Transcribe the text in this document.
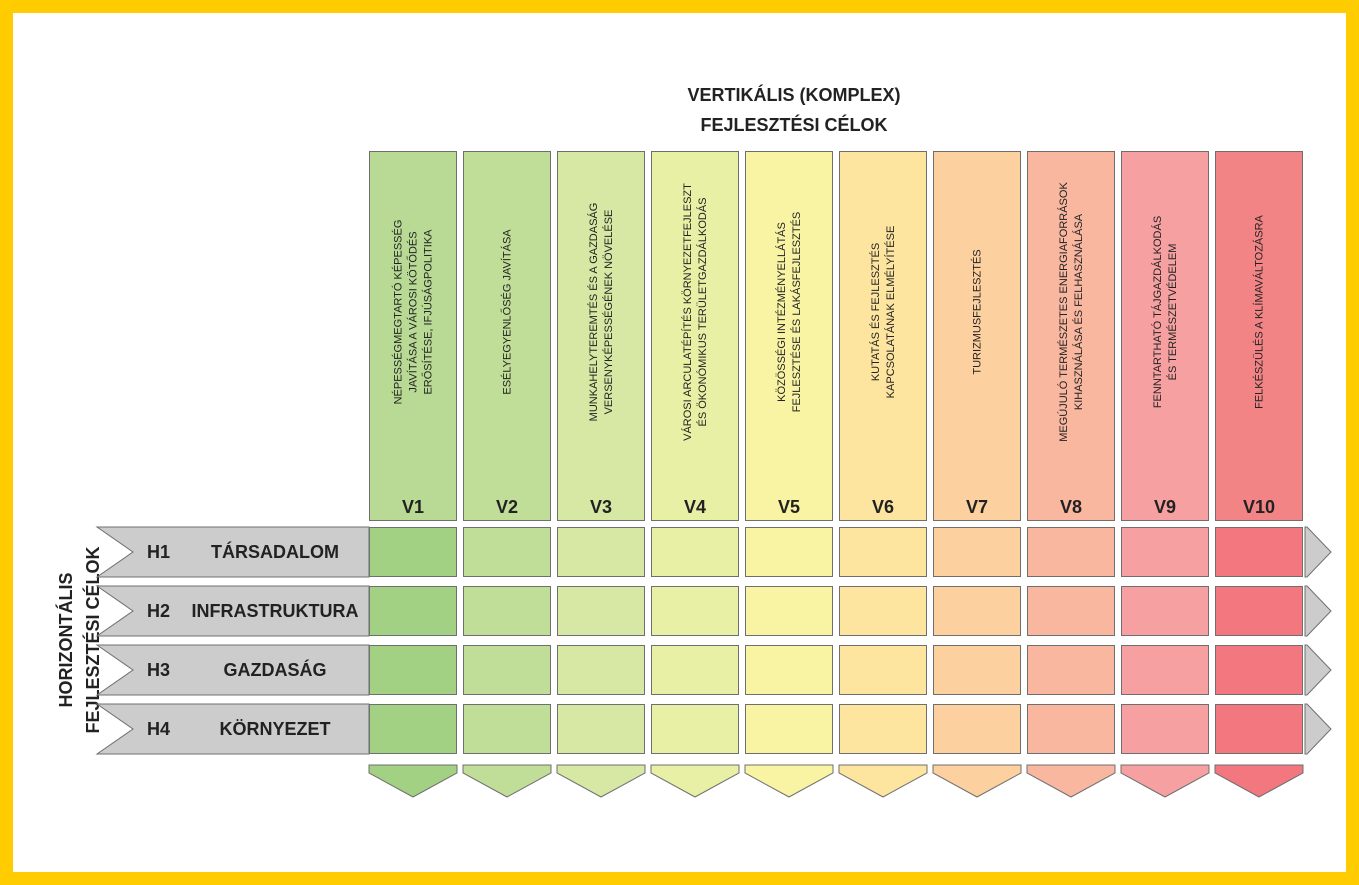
VERTIKÁLIS (KOMPLEX)
FEJLESZTÉSI CÉLOK
HORIZONTÁLIS FEJLESZTÉSI CÉLOK
NÉPESSÉGMEGTARTÓ KÉPESSÉG JAVÍTÁSA A VÁROSI KÖTŐDÉS ERŐSÍTÉSE, IFJÚSÁGPOLITIKA
V1
ESÉLYEGYENLŐSÉG JAVÍTÁSA
V2
MUNKAHELYTEREMTÉS ÉS A GAZDASÁG VERSENYKÉPESSÉGÉNEK NÖVELÉSE
V3
VÁROSI ARCULATÉPÍTÉS KÖRNYEZETFEJLESZT ÉS ÖKONÓMIKUS TERÜLETGAZDÁLKODÁS
V4
KÖZÖSSÉGI INTÉZMÉNYELLÁTÁS FEJLESZTÉSE ÉS LAKÁSFEJLESZTÉS
V5
KUTATÁS ÉS FEJLESZTÉS KAPCSOLATÁNAK ELMÉLYÍTÉSE
V6
TURIZMUSFEJLESZTÉS
V7
MEGÚJULÓ TERMÉSZETES ENERGIAFORRÁSOK KIHASZNÁLÁSA ÉS FELHASZNÁLÁSA
V8
FENNTARTHATÓ TÁJGAZDÁLKODÁS ÉS TERMÉSZETVÉDELEM
V9
FELKÉSZÜLÉS A KLÍMAVÁLTOZÁSRA
V10
H1	TÁRSADALOM
H2	INFRASTRUKTURA
H3	GAZDASÁG
H4	KÖRNYEZET
